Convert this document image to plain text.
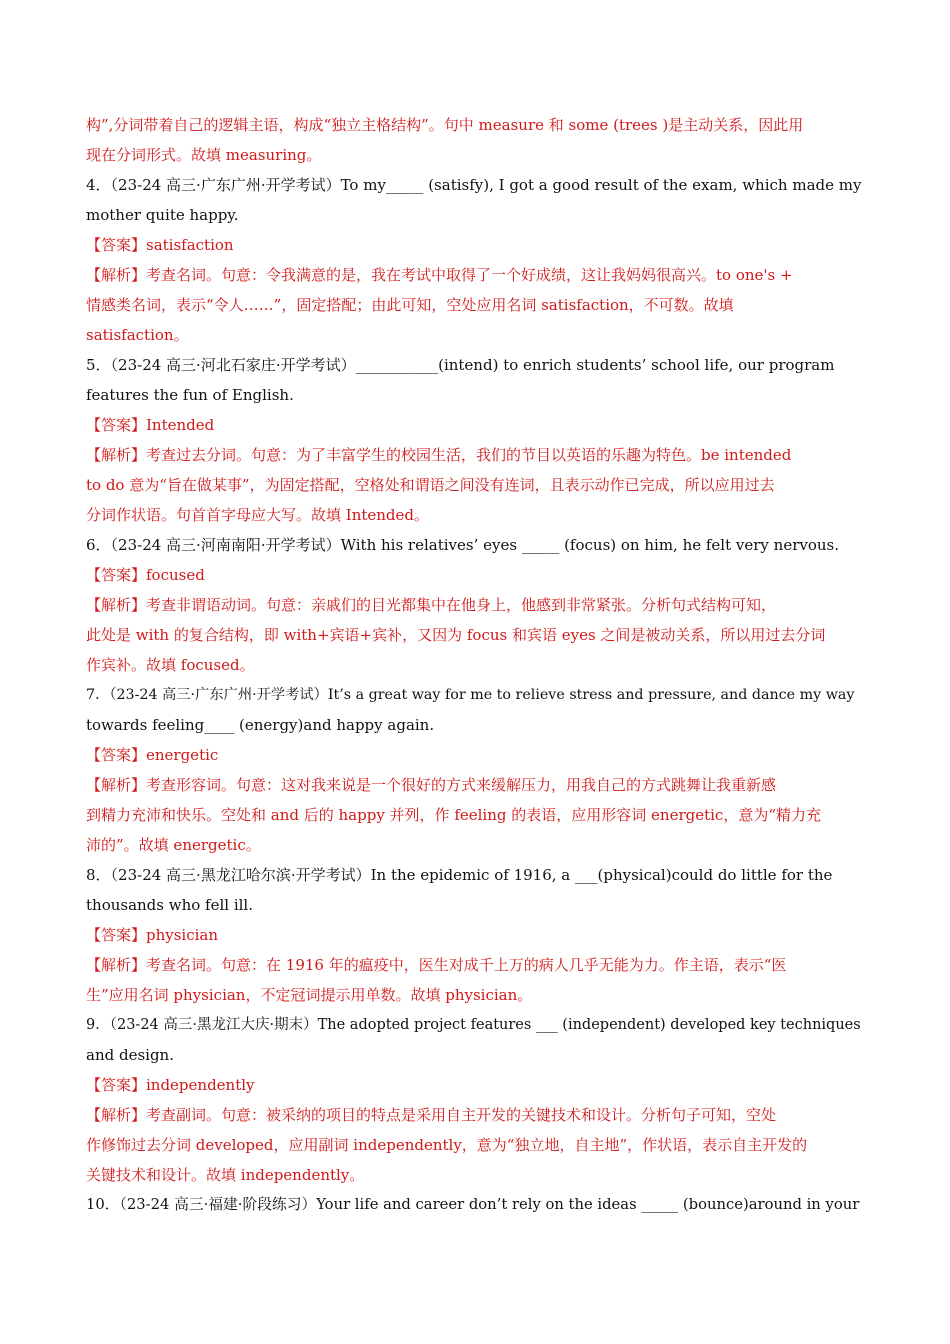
构”,分词带着自己的逻辑主语，构成“独立主格结构”。句中 measure 和 some (trees )是主动关系，因此用
现在分词形式。故填 measuring。
4．（23-24 高三·广东广州·开学考试）To my_____ (satisfy), I got a good result of the exam, which made my
mother quite happy.
【答案】satisfaction
【解析】考查名词。句意：令我满意的是，我在考试中取得了一个好成绩，这让我妈妈很高兴。to one's +
情感类名词，表示“令人……”，固定搭配；由此可知，空处应用名词 satisfaction，不可数。故填
satisfaction。
5．（23-24 高三·河北石家庄·开学考试）___________(intend) to enrich students’ school life, our program
features the fun of English.
【答案】Intended
【解析】考查过去分词。句意：为了丰富学生的校园生活，我们的节目以英语的乐趣为特色。be intended
to do 意为“旨在做某事”，为固定搭配，空格处和谓语之间没有连词，且表示动作已完成，所以应用过去
分词作状语。句首首字母应大写。故填 Intended。
6．（23-24 高三·河南南阳·开学考试）With his relatives’ eyes _____ (focus) on him, he felt very nervous.
【答案】focused
【解析】考查非谓语动词。句意：亲戚们的目光都集中在他身上，他感到非常紧张。分析句式结构可知，
此处是 with 的复合结构，即 with+宾语+宾补，又因为 focus 和宾语 eyes 之间是被动关系，所以用过去分词
作宾补。故填 focused。
7．（23-24 高三·广东广州·开学考试）It’s a great way for me to relieve stress and pressure, and dance my way
towards feeling____ (energy)and happy again.
【答案】energetic
【解析】考查形容词。句意：这对我来说是一个很好的方式来缓解压力，用我自己的方式跳舞让我重新感
到精力充沛和快乐。空处和 and 后的 happy 并列，作 feeling 的表语，应用形容词 energetic，意为“精力充
沛的”。故填 energetic。
8．（23-24 高三·黑龙江哈尔滨·开学考试）In the epidemic of 1916, a ___(physical)could do little for the
thousands who fell ill.
【答案】physician
【解析】考查名词。句意：在 1916 年的瘟疫中，医生对成千上万的病人几乎无能为力。作主语，表示“医
生”应用名词 physician，不定冠词提示用单数。故填 physician。
9．（23-24 高三·黑龙江大庆·期末）The adopted project features ___ (independent) developed key techniques
and design.
【答案】independently
【解析】考查副词。句意：被采纳的项目的特点是采用自主开发的关键技术和设计。分析句子可知，空处
作修饰过去分词 developed，应用副词 independently，意为“独立地，自主地”，作状语，表示自主开发的
关键技术和设计。故填 independently。
10．（23-24 高三·福建·阶段练习）Your life and career don’t rely on the ideas _____ (bounce)around in your
